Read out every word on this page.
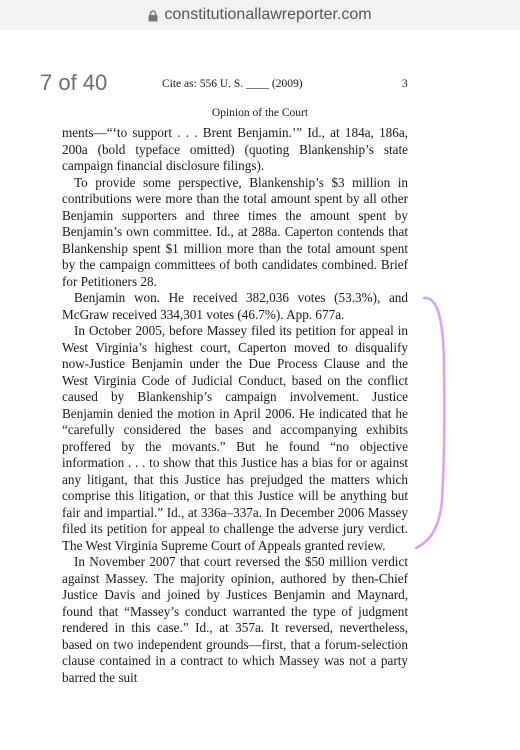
constitutionallawreporter.com
7 of 40	Cite as: 556 U. S. ____ (2009)	3
Opinion of the Court

ments—“‘to support . . . Brent Benjamin.’” Id., at 184a, 186a, 200a (bold typeface omitted) (quoting Blankenship’s state campaign financial disclosure filings).

To provide some perspective, Blankenship’s $3 million in contributions were more than the total amount spent by all other Benjamin supporters and three times the amount spent by Benjamin’s own committee. Id., at 288a. Caperton contends that Blankenship spent $1 million more than the total amount spent by the campaign committees of both candidates combined. Brief for Petitioners 28.

Benjamin won. He received 382,036 votes (53.3%), and McGraw received 334,301 votes (46.7%). App. 677a.

In October 2005, before Massey filed its petition for appeal in West Virginia’s highest court, Caperton moved to disqualify now-Justice Benjamin under the Due Process Clause and the West Virginia Code of Judicial Conduct, based on the conflict caused by Blankenship’s campaign involvement. Justice Benjamin denied the motion in April 2006. He indicated that he “carefully considered the bases and accompanying exhibits proffered by the movants.” But he found “no objective information . . . to show that this Justice has a bias for or against any litigant, that this Justice has prejudged the matters which comprise this litigation, or that this Justice will be anything but fair and impartial.” Id., at 336a–337a. In December 2006 Massey filed its petition for appeal to challenge the adverse jury verdict. The West Virginia Supreme Court of Appeals granted review.

In November 2007 that court reversed the $50 million verdict against Massey. The majority opinion, authored by then-Chief Justice Davis and joined by Justices Benjamin and Maynard, found that “Massey’s conduct warranted the type of judgment rendered in this case.” Id., at 357a. It reversed, nevertheless, based on two independent grounds—first, that a forum-selection clause contained in a contract to which Massey was not a party barred the suit
